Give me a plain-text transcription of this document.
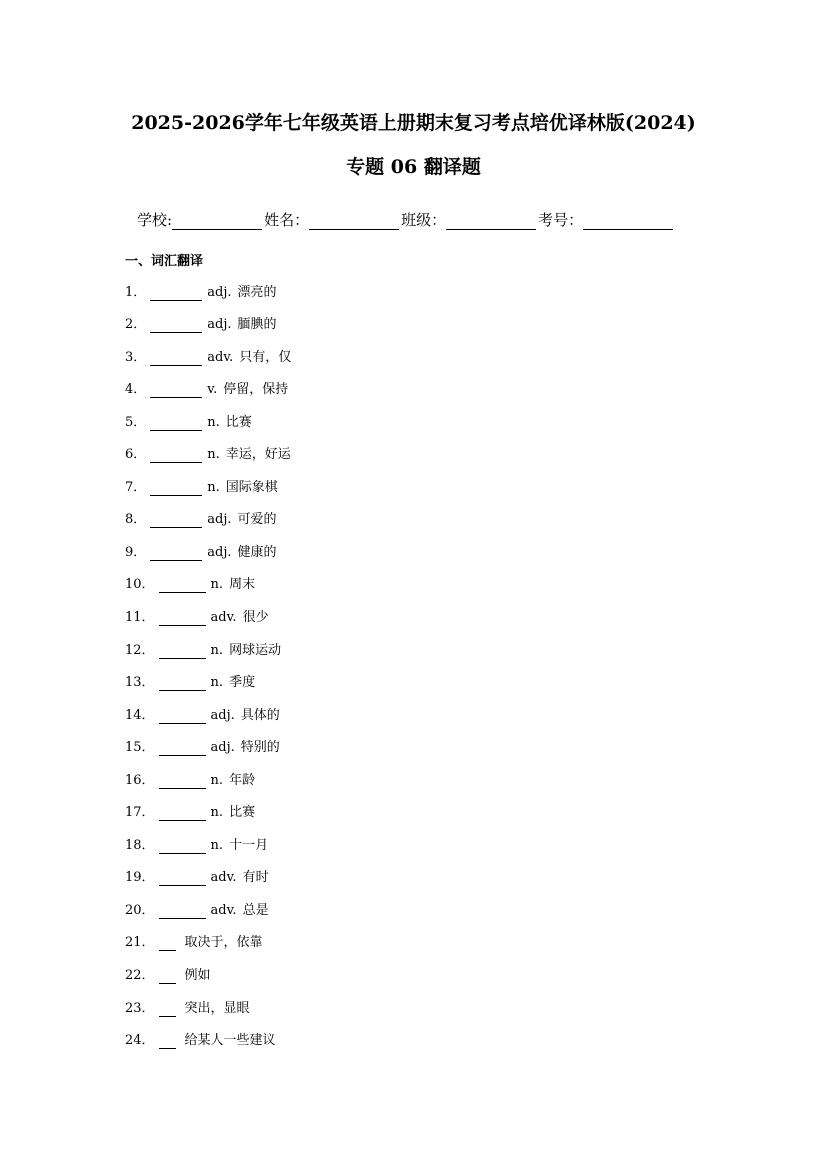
2025-2026学年七年级英语上册期末复习考点培优译林版(2024)
专题 06 翻译题
学校:	姓名：	班级：	考号：
一、词汇翻译
1．	adj. 漂亮的
2．	adj. 腼腆的
3．	adv. 只有，仅
4．	v. 停留，保持
5．	n. 比赛
6．	n. 幸运，好运
7．	n. 国际象棋
8．	adj. 可爱的
9．	adj. 健康的
10．	n. 周末
11．	adv. 很少
12．	n. 网球运动
13．	n. 季度
14．	adj. 具体的
15．	adj. 特别的
16．	n. 年龄
17．	n. 比赛
18．	n. 十一月
19．	adv. 有时
20．	adv. 总是
21． 取决于，依靠
22． 例如
23． 突出，显眼
24． 给某人一些建议
